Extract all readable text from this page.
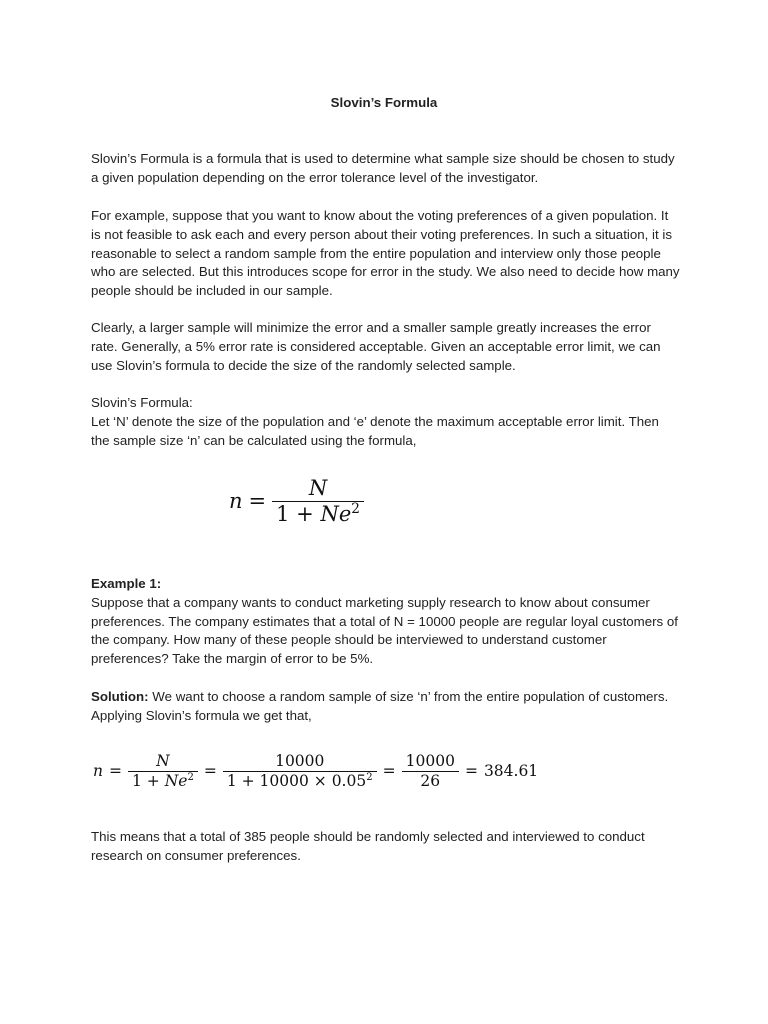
Slovin’s Formula

Slovin’s Formula is a formula that is used to determine what sample size should be chosen to study a given population depending on the error tolerance level of the investigator.

For example, suppose that you want to know about the voting preferences of a given population. It is not feasible to ask each and every person about their voting preferences. In such a situation, it is reasonable to select a random sample from the entire population and interview only those people who are selected. But this introduces scope for error in the study. We also need to decide how many people should be included in our sample.

Clearly, a larger sample will minimize the error and a smaller sample greatly increases the error rate. Generally, a 5% error rate is considered acceptable. Given an acceptable error limit, we can use Slovin’s formula to decide the size of the randomly selected sample.

Slovin’s Formula:
Let ‘N’ denote the size of the population and ‘e’ denote the maximum acceptable error limit. Then the sample size ‘n’ can be calculated using the formula,

Example 1:
Suppose that a company wants to conduct marketing supply research to know about consumer preferences. The company estimates that a total of N = 10000 people are regular loyal customers of the company. How many of these people should be interviewed to understand customer preferences? Take the margin of error to be 5%.

Solution: We want to choose a random sample of size ‘n’ from the entire population of customers. Applying Slovin’s formula we get that,

This means that a total of 385 people should be randomly selected and interviewed to conduct research on consumer preferences.

$n = \frac{N}{1 + Ne^2}$
$n = \frac{N}{1 + Ne^2} = \frac{10000}{1 + 10000 \times 0.05^2} = \frac{10000}{26} = 384.61$
